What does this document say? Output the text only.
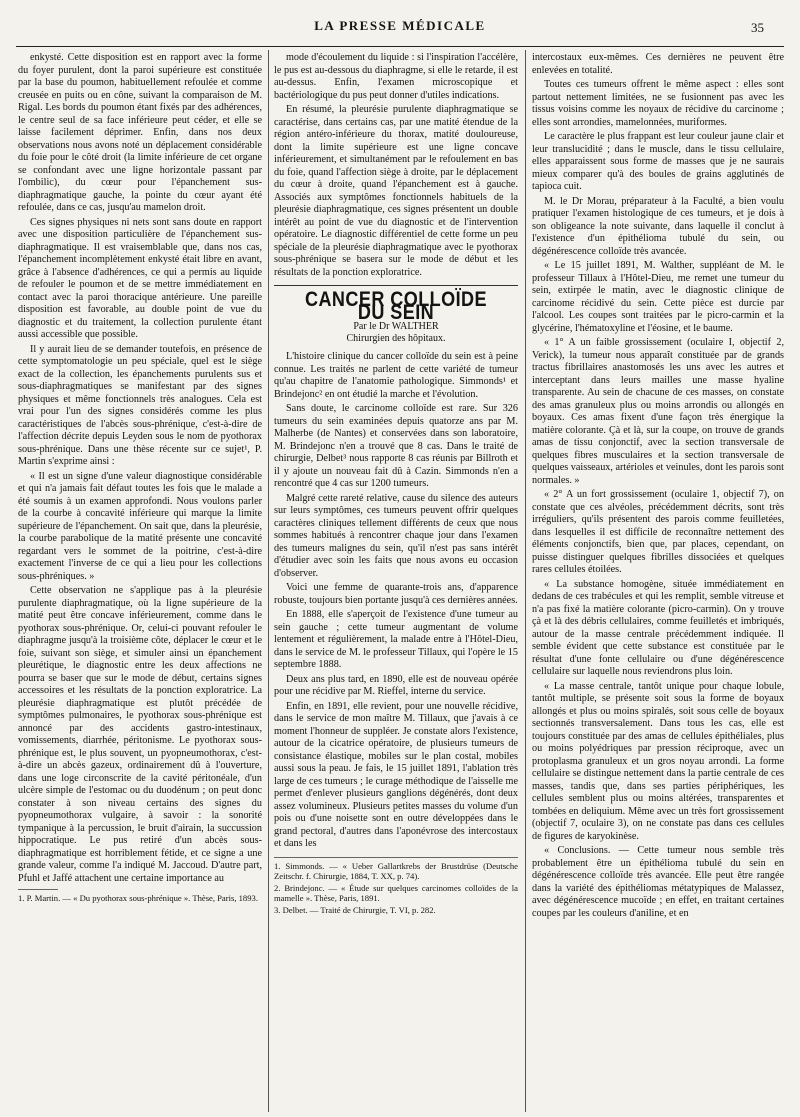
LA PRESSE MÉDICALE	35

enkysté. Cette disposition est en rapport avec la forme du foyer purulent, dont la paroi supérieure est constituée par la base du poumon, habituellement refoulée et comme creusée en puits ou en cône, suivant la comparaison de M. Rigal. Les bords du poumon étant fixés par des adhérences, le centre seul de sa face inférieure peut céder, et elle se laisse facilement déprimer. Enfin, dans nos deux observations nous avons noté un déplacement considérable du foie pour le côté droit (la limite inférieure de cet organe se confondant avec une ligne horizontale passant par l'ombilic), du cœur pour l'épanchement sus-diaphragmatique gauche, la pointe du cœur ayant été refoulée, dans ce cas, jusqu'au mamelon droit.

Ces signes physiques ni nets sont sans doute en rapport avec une disposition particulière de l'épanchement sus-diaphragmatique. Il est vraisemblable que, dans nos cas, l'épanchement incomplètement enkysté était libre en avant, grâce à l'absence d'adhérences, ce qui a permis au liquide de refouler le poumon et de se mettre immédiatement en contact avec la paroi thoracique antérieure. Une pareille disposition est favorable, au double point de vue du diagnostic et du traitement, la collection purulente étant aussi accessible que possible.

Il y aurait lieu de se demander toutefois, en présence de cette symptomatologie un peu spéciale, quel est le siège exact de la collection, les épanchements purulents sus et sous-diaphragmatiques se manifestant par des signes physiques et même fonctionnels très analogues. Cela est vrai pour l'un des signes considérés comme les plus caractéristiques de l'abcès sous-phrénique, c'est-à-dire de l'affection décrite depuis Leyden sous le nom de pyothorax sous-phrénique. Dans une thèse récente sur ce sujet¹, P. Martin s'exprime ainsi :

« Il est un signe d'une valeur diagnostique considérable et qui n'a jamais fait défaut toutes les fois que le malade a été soumis à un examen approfondi. Nous voulons parler de la courbe à concavité inférieure qui marque la limite supérieure de l'épanchement. On sait que, dans la pleurésie, la courbe parabolique de la matité présente une concavité regardant vers le sommet de la poitrine, c'est-à-dire exactement l'inverse de ce qui a lieu pour les collections sous-phréniques. »

Cette observation ne s'applique pas à la pleurésie purulente diaphragmatique, où la ligne supérieure de la matité peut être concave inférieurement, comme dans le pyothorax sous-phrénique. Or, celui-ci pouvant refouler le diaphragme jusqu'à la troisième côte, déplacer le cœur et le foie, suivant son siège, et simuler ainsi un épanchement pleurétique, le diagnostic entre les deux affections ne pourra se baser que sur le mode de début, certains signes accessoires et les résultats de la ponction exploratrice. La pleurésie diaphragmatique est plutôt précédée de symptômes pulmonaires, le pyothorax sous-phrénique est annoncé par des accidents gastro-intestinaux, vomissements, diarrhée, péritonisme. Le pyothorax sous-phrénique est, le plus souvent, un pyopneumothorax, c'est-à-dire un abcès gazeux, ordinairement dû à l'ouverture, dans une loge circonscrite de la cavité péritonéale, d'un ulcère simple de l'estomac ou du duodénum ; on peut donc constater à son niveau certains des signes du pyopneumothorax vulgaire, à savoir : la sonorité tympanique à la percussion, le bruit d'airain, la succussion hippocratique. Le pus retiré d'un abcès sous-diaphragmatique est horriblement fétide, et ce signe a une grande valeur, comme l'a indiqué M. Jaccoud. D'autre part, Pfuhl et Jaffé attachent une certaine importance au

1. P. Martin. — « Du pyothorax sous-phrénique ». Thèse, Paris, 1893.

mode d'écoulement du liquide : si l'inspiration l'accélère, le pus est au-dessous du diaphragme, si elle le retarde, il est au-dessus. Enfin, l'examen microscopique et bactériologique du pus peut donner d'utiles indications.

En résumé, la pleurésie purulente diaphragmatique se caractérise, dans certains cas, par une matité étendue de la région antéro-inférieure du thorax, matité douloureuse, dont la limite supérieure est une ligne concave inférieurement, et simultanément par le refoulement en bas du foie, quand l'affection siège à droite, par le déplacement du cœur à droite, quand l'épanchement est à gauche. Associés aux symptômes fonctionnels habituels de la pleurésie diaphragmatique, ces signes présentent un double intérêt au point de vue du diagnostic et de l'intervention opératoire. Le diagnostic différentiel de cette forme un peu spéciale de la pleurésie diaphragmatique avec le pyothorax sous-phrénique se basera sur le mode de début et les résultats de la ponction exploratrice.

CANCER COLLOÏDE DU SEIN
Par le Dr WALTHER
Chirurgien des hôpitaux.

L'histoire clinique du cancer colloïde du sein est à peine connue. Les traités ne parlent de cette variété de tumeur qu'au chapitre de l'anatomie pathologique. Simmonds¹ et Brindejonc² en ont étudié la marche et l'évolution.

Sans doute, le carcinome colloïde est rare. Sur 326 tumeurs du sein examinées depuis quatorze ans par M. Malherbe (de Nantes) et conservées dans son laboratoire, M. Brindejonc n'en a trouvé que 8 cas. Dans le traité de chirurgie, Delbet³ nous rapporte 8 cas réunis par Billroth et il y ajoute un nouveau fait dû à Cazin. Simmonds n'en a rencontré que 4 cas sur 1200 tumeurs.

Malgré cette rareté relative, cause du silence des auteurs sur leurs symptômes, ces tumeurs peuvent offrir quelques caractères cliniques tellement différents de ceux que nous sommes habitués à rencontrer chaque jour dans l'examen des tumeurs malignes du sein, qu'il n'est pas sans intérêt d'étudier avec soin les faits que nous avons eu occasion d'observer.

Voici une femme de quarante-trois ans, d'apparence robuste, toujours bien portante jusqu'à ces dernières années.

En 1888, elle s'aperçoit de l'existence d'une tumeur au sein gauche ; cette tumeur augmentant de volume lentement et régulièrement, la malade entre à l'Hôtel-Dieu, dans le service de M. le professeur Tillaux, qui l'opère le 15 septembre 1888.

Deux ans plus tard, en 1890, elle est de nouveau opérée pour une récidive par M. Rieffel, interne du service.

Enfin, en 1891, elle revient, pour une nouvelle récidive, dans le service de mon maître M. Tillaux, que j'avais à ce moment l'honneur de suppléer. Je constate alors l'existence, autour de la cicatrice opératoire, de plusieurs tumeurs de consistance élastique, mobiles sur le plan costal, mobiles aussi sous la peau. Je fais, le 15 juillet 1891, l'ablation très large de ces tumeurs ; le curage méthodique de l'aisselle me permet d'enlever plusieurs ganglions dégénérés, dont deux assez volumineux. Plusieurs petites masses du volume d'un pois ou d'une noisette sont en outre développées dans le grand pectoral, d'autres dans l'aponévrose des intercostaux et dans les

1. Simmonds. — « Ueber Gallartkrebs der Brustdrüse (Deutsche Zeitschr. f. Chirurgie, 1884, T. XX, p. 74).
2. Brindejonc. — « Étude sur quelques carcinomes colloïdes de la mamelle ». Thèse, Paris, 1891.
3. Delbet. — Traité de Chirurgie, T. VI, p. 282.

intercostaux eux-mêmes. Ces dernières ne peuvent être enlevées en totalité.

Toutes ces tumeurs offrent le même aspect : elles sont partout nettement limitées, ne se fusionnent pas avec les tissus voisins comme les noyaux de récidive du carcinome ; elles sont arrondies, mamelonnées, muriformes.

Le caractère le plus frappant est leur couleur jaune clair et leur translucidité ; dans le muscle, dans le tissu cellulaire, elles apparaissent sous forme de masses que je ne saurais mieux comparer qu'à des boules de grains agglutinés de tapioca cuit.

M. le Dr Morau, préparateur à la Faculté, a bien voulu pratiquer l'examen histologique de ces tumeurs, et je dois à son obligeance la note suivante, dans laquelle il conclut à l'existence d'un épithélioma tubulé du sein, ou dégénérescence colloïde très avancée.

« Le 15 juillet 1891, M. Walther, suppléant de M. le professeur Tillaux à l'Hôtel-Dieu, me remet une tumeur du sein, extirpée le matin, avec le diagnostic clinique de carcinome récidivé du sein. Cette pièce est durcie par l'alcool. Les coupes sont traitées par le picro-carmin et la glycérine, l'hématoxyline et l'éosine, et le baume.

« 1° A un faible grossissement (oculaire I, objectif 2, Verick), la tumeur nous apparaît constituée par de grands tractus fibrillaires anastomosés les uns avec les autres et interceptant dans leurs mailles une masse hyaline transparente. Au sein de chacune de ces masses, on constate des amas granuleux plus ou moins arrondis ou allongés en boyaux. Ces amas fixent d'une façon très énergique la matière colorante. Çà et là, sur la coupe, on trouve de grands amas de tissu conjonctif, avec la section transversale de quelques fibres musculaires et la section transversale de quelques vaisseaux, artérioles et veinules, dont les parois sont normales. »

« 2° A un fort grossissement (oculaire 1, objectif 7), on constate que ces alvéoles, précédemment décrits, sont très irréguliers, qu'ils présentent des parois comme feuilletées, dans lesquelles il est difficile de reconnaître nettement des éléments conjonctifs, bien que, par places, cependant, on puisse distinguer quelques fibrilles dissociées et quelques rares cellules étoilées.

« La substance homogène, située immédiatement en dedans de ces trabécules et qui les remplit, semble vitreuse et n'a pas fixé la matière colorante (picro-carmin). On y trouve çà et là des débris cellulaires, comme feuilletés et imbriqués, autour de la masse centrale précédemment indiquée. Il semble évident que cette substance est constituée par le résultat d'une fonte cellulaire ou d'une dégénérescence cellulaire sur laquelle nous reviendrons plus loin.

« La masse centrale, tantôt unique pour chaque lobule, tantôt multiple, se présente soit sous la forme de boyaux allongés et plus ou moins spiralés, soit sous celle de boyaux sectionnés transversalement. Dans tous les cas, elle est toujours constituée par des amas de cellules épithéliales, plus ou moins polyédriques par pression réciproque, avec un protoplasma granuleux et un gros noyau arrondi. La forme cellulaire se distingue nettement dans la partie centrale de ces masses, tandis que, dans ses parties périphériques, les cellules semblent plus ou moins altérées, transparentes et tombées en deliquium. Même avec un très fort grossissement (objectif 7, oculaire 3), on ne constate pas dans ces cellules de figures de karyokinèse.

« Conclusions. — Cette tumeur nous semble très probablement être un épithélioma tubulé du sein en dégénérescence colloïde très avancée. Elle peut être rangée dans la variété des épithéliomas métatypiques de Malassez, avec dégénérescence mucoïde ; en effet, en traitant certaines coupes par les couleurs d'aniline, et en
